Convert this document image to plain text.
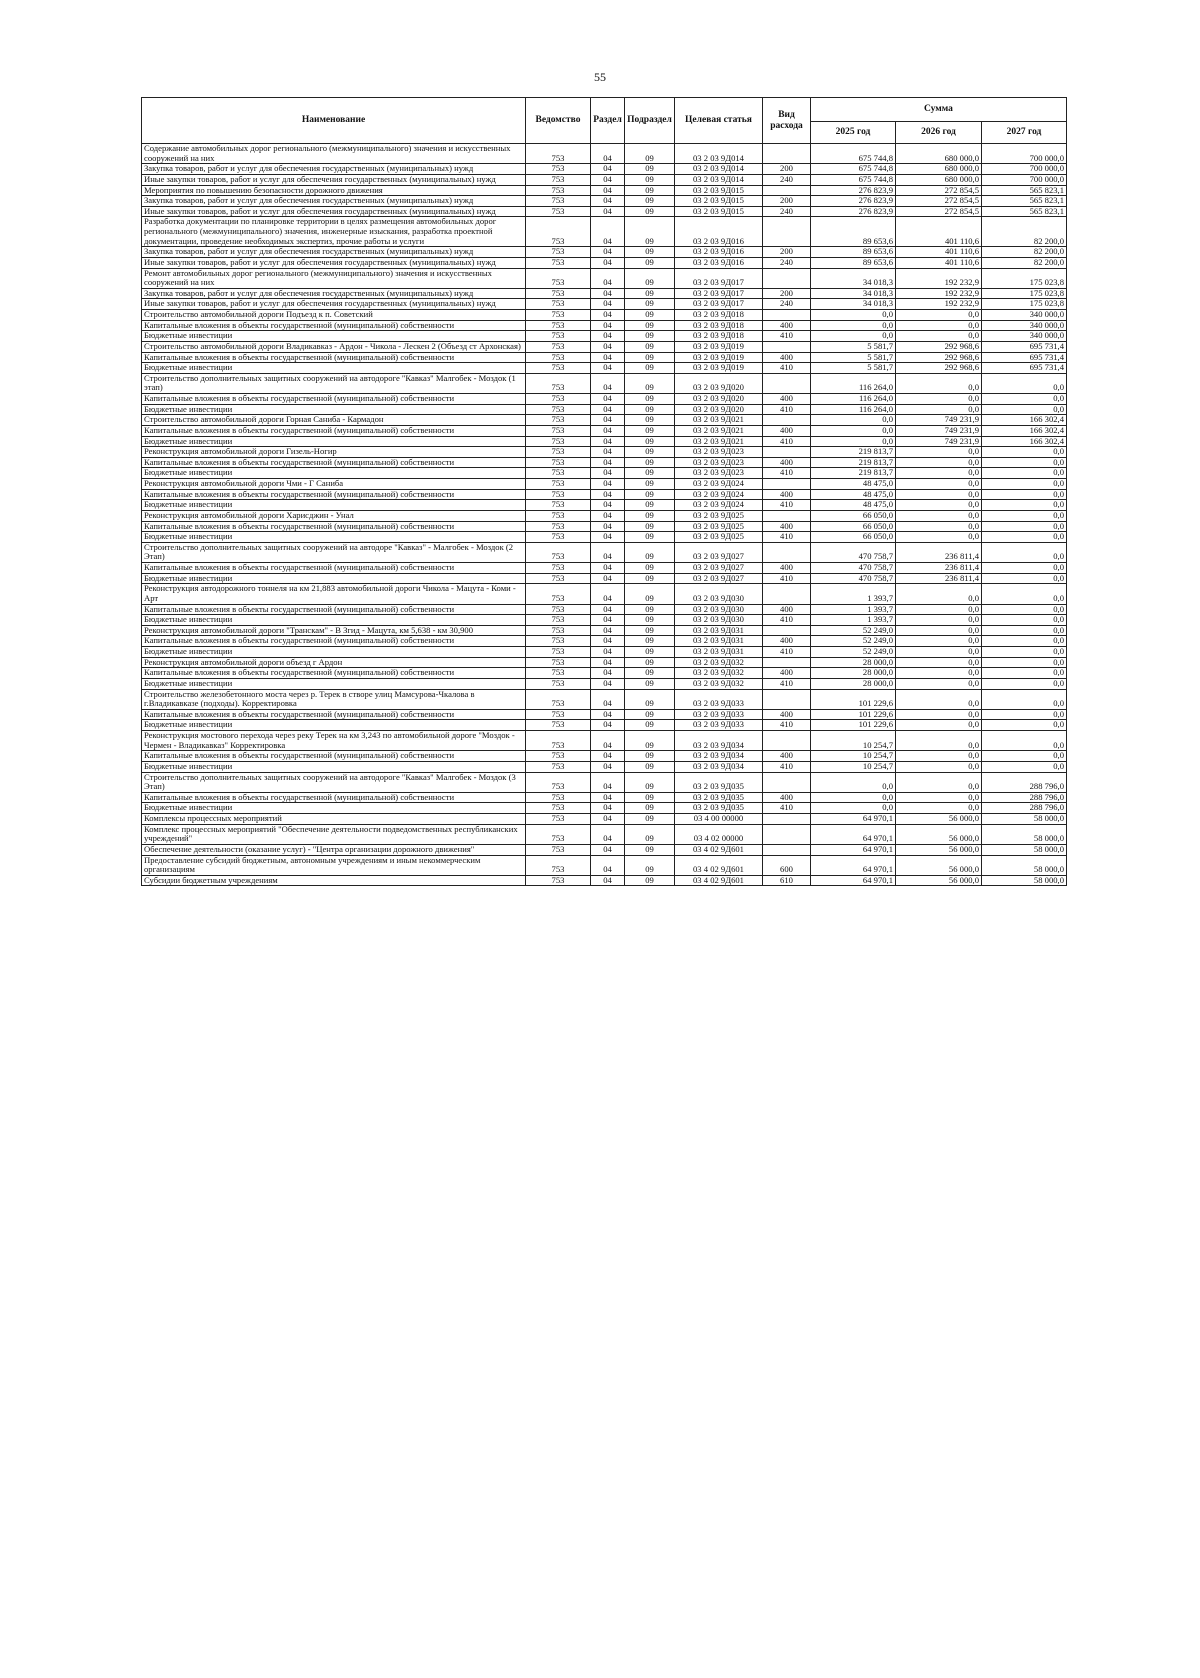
55
Наименование	Ведомство	Раздел	Подраздел	Целевая статья	Вид расхода	Сумма		
						2025 год	2026 год	2027 год
Содержание автомобильных дорог регионального (межмуниципального) значения и искусственных сооружений на них	753	04	09	03 2 03 9Д014		675 744,8	680 000,0	700 000,0
Закупка товаров, работ и услуг для обеспечения государственных (муниципальных) нужд	753	04	09	03 2 03 9Д014	200	675 744,8	680 000,0	700 000,0
Иные закупки товаров, работ и услуг для обеспечения государственных (муниципальных) нужд	753	04	09	03 2 03 9Д014	240	675 744,8	680 000,0	700 000,0
Мероприятия по повышению безопасности дорожного движения	753	04	09	03 2 03 9Д015		276 823,9	272 854,5	565 823,1
Закупка товаров, работ и услуг для обеспечения государственных (муниципальных) нужд	753	04	09	03 2 03 9Д015	200	276 823,9	272 854,5	565 823,1
Иные закупки товаров, работ и услуг для обеспечения государственных (муниципальных) нужд	753	04	09	03 2 03 9Д015	240	276 823,9	272 854,5	565 823,1
Разработка документации по планировке территории в целях размещения автомобильных дорог регионального (межмуниципального) значения, инженерные изыскания, разработка проектной документации, проведение необходимых экспертиз, прочие работы и услуги	753	04	09	03 2 03 9Д016		89 653,6	401 110,6	82 200,0
Закупка товаров, работ и услуг для обеспечения государственных (муниципальных) нужд	753	04	09	03 2 03 9Д016	200	89 653,6	401 110,6	82 200,0
Иные закупки товаров, работ и услуг для обеспечения государственных (муниципальных) нужд	753	04	09	03 2 03 9Д016	240	89 653,6	401 110,6	82 200,0
Ремонт автомобильных дорог регионального (межмуниципального) значения и искусственных сооружений на них	753	04	09	03 2 03 9Д017		34 018,3	192 232,9	175 023,8
Закупка товаров, работ и услуг для обеспечения государственных (муниципальных) нужд	753	04	09	03 2 03 9Д017	200	34 018,3	192 232,9	175 023,8
Иные закупки товаров, работ и услуг для обеспечения государственных (муниципальных) нужд	753	04	09	03 2 03 9Д017	240	34 018,3	192 232,9	175 023,8
Строительство автомобильной дороги Подъезд к п. Советский	753	04	09	03 2 03 9Д018		0,0	0,0	340 000,0
Капитальные вложения в объекты государственной (муниципальной) собственности	753	04	09	03 2 03 9Д018	400	0,0	0,0	340 000,0
Бюджетные инвестиции	753	04	09	03 2 03 9Д018	410	0,0	0,0	340 000,0
Строительство автомобильной дороги Владикавказ - Ардон - Чикола - Лескен 2 (Объезд ст Архонская)	753	04	09	03 2 03 9Д019		5 581,7	292 968,6	695 731,4
Капитальные вложения в объекты государственной (муниципальной) собственности	753	04	09	03 2 03 9Д019	400	5 581,7	292 968,6	695 731,4
Бюджетные инвестиции	753	04	09	03 2 03 9Д019	410	5 581,7	292 968,6	695 731,4
Строительство дополнительных защитных сооружений на автодороге "Кавказ" Малгобек - Моздок (1 этап)	753	04	09	03 2 03 9Д020		116 264,0	0,0	0,0
Капитальные вложения в объекты государственной (муниципальной) собственности	753	04	09	03 2 03 9Д020	400	116 264,0	0,0	0,0
Бюджетные инвестиции	753	04	09	03 2 03 9Д020	410	116 264,0	0,0	0,0
Строительство автомобильной дороги Горная Саниба - Кармадон	753	04	09	03 2 03 9Д021		0,0	749 231,9	166 302,4
Капитальные вложения в объекты государственной (муниципальной) собственности	753	04	09	03 2 03 9Д021	400	0,0	749 231,9	166 302,4
Бюджетные инвестиции	753	04	09	03 2 03 9Д021	410	0,0	749 231,9	166 302,4
Реконструкция автомобильной дороги Гизель-Ногир	753	04	09	03 2 03 9Д023		219 813,7	0,0	0,0
Капитальные вложения в объекты государственной (муниципальной) собственности	753	04	09	03 2 03 9Д023	400	219 813,7	0,0	0,0
Бюджетные инвестиции	753	04	09	03 2 03 9Д023	410	219 813,7	0,0	0,0
Реконструкция автомобильной дороги Чми - Г Саниба	753	04	09	03 2 03 9Д024		48 475,0	0,0	0,0
Капитальные вложения в объекты государственной (муниципальной) собственности	753	04	09	03 2 03 9Д024	400	48 475,0	0,0	0,0
Бюджетные инвестиции	753	04	09	03 2 03 9Д024	410	48 475,0	0,0	0,0
Реконструкция автомобильной дороги Харисджин - Унал	753	04	09	03 2 03 9Д025		66 050,0	0,0	0,0
Капитальные вложения в объекты государственной (муниципальной) собственности	753	04	09	03 2 03 9Д025	400	66 050,0	0,0	0,0
Бюджетные инвестиции	753	04	09	03 2 03 9Д025	410	66 050,0	0,0	0,0
Строительство дополнительных защитных сооружений на автодоре "Кавказ" - Малгобек - Моздок (2 Этап)	753	04	09	03 2 03 9Д027		470 758,7	236 811,4	0,0
Капитальные вложения в объекты государственной (муниципальной) собственности	753	04	09	03 2 03 9Д027	400	470 758,7	236 811,4	0,0
Бюджетные инвестиции	753	04	09	03 2 03 9Д027	410	470 758,7	236 811,4	0,0
Реконструкция автодорожного тоннеля на км 21,883 автомобильной дороги Чикола - Мацута - Коми - Арт	753	04	09	03 2 03 9Д030		1 393,7	0,0	0,0
Капитальные вложения в объекты государственной (муниципальной) собственности	753	04	09	03 2 03 9Д030	400	1 393,7	0,0	0,0
Бюджетные инвестиции	753	04	09	03 2 03 9Д030	410	1 393,7	0,0	0,0
Реконструкция автомобильной дороги "Транскам" - В Згид - Мацута, км 5,638 - км 30,900	753	04	09	03 2 03 9Д031		52 249,0	0,0	0,0
Капитальные вложения в объекты государственной (муниципальной) собственности	753	04	09	03 2 03 9Д031	400	52 249,0	0,0	0,0
Бюджетные инвестиции	753	04	09	03 2 03 9Д031	410	52 249,0	0,0	0,0
Реконструкция автомобильной дороги объезд г Ардон	753	04	09	03 2 03 9Д032		28 000,0	0,0	0,0
Капитальные вложения в объекты государственной (муниципальной) собственности	753	04	09	03 2 03 9Д032	400	28 000,0	0,0	0,0
Бюджетные инвестиции	753	04	09	03 2 03 9Д032	410	28 000,0	0,0	0,0
Строительство железобетонного моста через р. Терек в створе улиц Мамсурова-Чкалова в г.Владикавказе (подходы). Корректировка	753	04	09	03 2 03 9Д033		101 229,6	0,0	0,0
Капитальные вложения в объекты государственной (муниципальной) собственности	753	04	09	03 2 03 9Д033	400	101 229,6	0,0	0,0
Бюджетные инвестиции	753	04	09	03 2 03 9Д033	410	101 229,6	0,0	0,0
Реконструкция мостового перехода через реку Терек на км 3,243 по автомобильной дороге "Моздок - Чермен - Владикавказ" Корректировка	753	04	09	03 2 03 9Д034		10 254,7	0,0	0,0
Капитальные вложения в объекты государственной (муниципальной) собственности	753	04	09	03 2 03 9Д034	400	10 254,7	0,0	0,0
Бюджетные инвестиции	753	04	09	03 2 03 9Д034	410	10 254,7	0,0	0,0
Строительство дополнительных защитных сооружений на автодороге "Кавказ" Малгобек - Моздок (3 Этап)	753	04	09	03 2 03 9Д035		0,0	0,0	288 796,0
Капитальные вложения в объекты государственной (муниципальной) собственности	753	04	09	03 2 03 9Д035	400	0,0	0,0	288 796,0
Бюджетные инвестиции	753	04	09	03 2 03 9Д035	410	0,0	0,0	288 796,0
Комплексы процессных мероприятий	753	04	09	03 4 00 00000		64 970,1	56 000,0	58 000,0
Комплекс процессных мероприятий "Обеспечение деятельности подведомственных республиканских учреждений"	753	04	09	03 4 02 00000		64 970,1	56 000,0	58 000,0
Обеспечение деятельности (оказание услуг) - "Центра организации дорожного движения"	753	04	09	03 4 02 9Д601		64 970,1	56 000,0	58 000,0
Предоставление субсидий бюджетным, автономным учреждениям и иным некоммерческим организациям	753	04	09	03 4 02 9Д601	600	64 970,1	56 000,0	58 000,0
Субсидии бюджетным учреждениям	753	04	09	03 4 02 9Д601	610	64 970,1	56 000,0	58 000,0
